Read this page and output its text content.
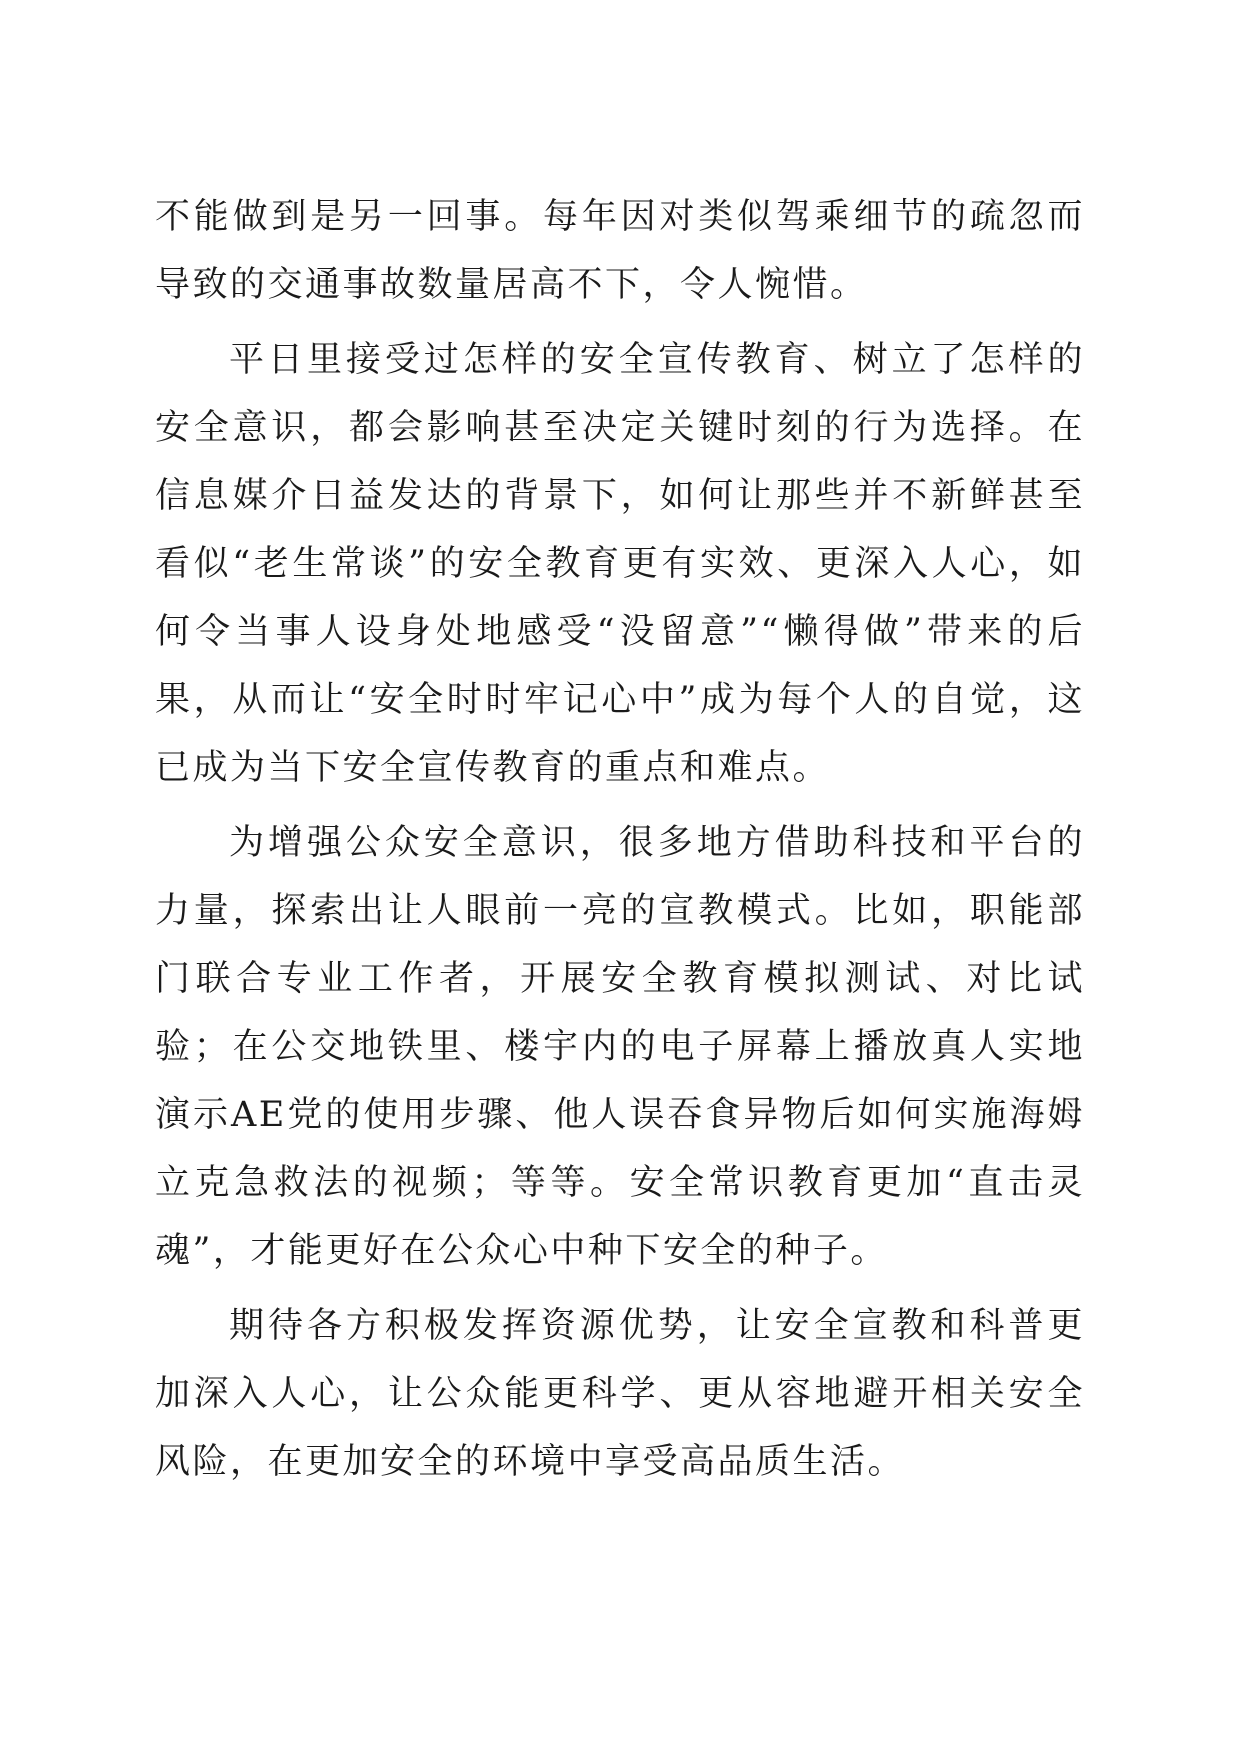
不能做到是另一回事。每年因对类似驾乘细节的疏忽而导致的交通事故数量居高不下，令人惋惜。

平日里接受过怎样的安全宣传教育、树立了怎样的安全意识，都会影响甚至决定关键时刻的行为选择。在信息媒介日益发达的背景下，如何让那些并不新鲜甚至看似“老生常谈”的安全教育更有实效、更深入人心，如何令当事人设身处地感受“没留意”“懒得做”带来的后果，从而让“安全时时牢记心中”成为每个人的自觉，这已成为当下安全宣传教育的重点和难点。

为增强公众安全意识，很多地方借助科技和平台的力量，探索出让人眼前一亮的宣教模式。比如，职能部门联合专业工作者，开展安全教育模拟测试、对比试验；在公交地铁里、楼宇内的电子屏幕上播放真人实地演示AE党的使用步骤、他人误吞食异物后如何实施海姆立克急救法的视频；等等。安全常识教育更加“直击灵魂”，才能更好在公众心中种下安全的种子。

期待各方积极发挥资源优势，让安全宣教和科普更加深入人心，让公众能更科学、更从容地避开相关安全风险，在更加安全的环境中享受高品质生活。
